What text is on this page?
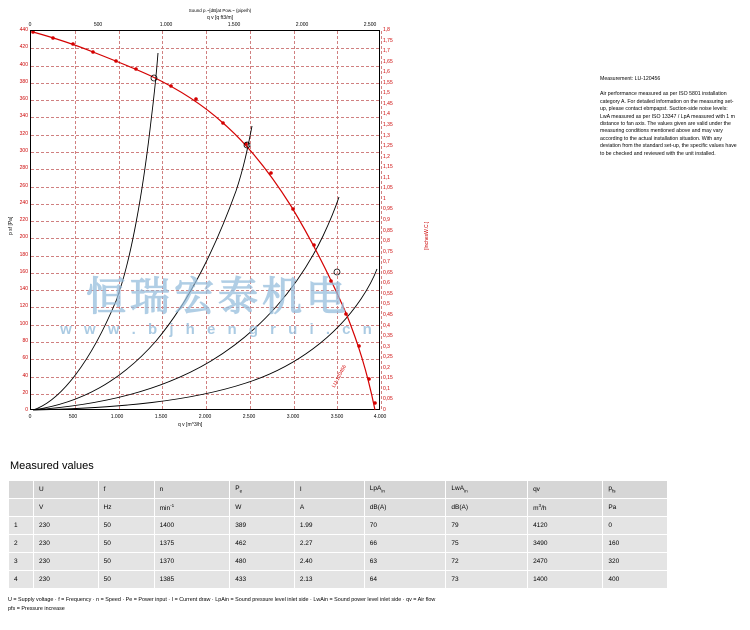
Sound p.~[dB]at Pow.~ (pipe/h)
q v [q ft3/m]
0	500	1.000	1.500	2.000	2.500
0	500	1.000	1.500	2.000	2.500	3.000	3.500	4.000
q v [m^3/h]
p sf [Pa]	[InchesW.C.]
LU-120456
0
20
40
60
80
100
120
140
160
180
200
220
240
260
280
300
320
340
360
380
400
420
440
0
0,05
0,1
0,15
0,2
0,25
0,3
0,35
0,4
0,45
0,5
0,55
0,6
0,65
0,7
0,75
0,8
0,85
0,9
0,95
1
1,05
1,1
1,15
1,2
1,25
1,3
1,35
1,4
1,45
1,5
1,55
1,6
1,65
1,7
1,75
1,8
恒瑞宏泰机电
w w w . b j h e n g r u i . c n
Measurement: LU-120456
Air performance measured as per ISO 5801 installation category A. For detailed information on the measuring set-up, please contact ebmpapst. Suction-side noise levels: LwA measured as per ISO 13347 / LpA measured with 1 m distance to fan axis. The values given are valid under the measuring conditions mentioned above and may vary according to the actual installation situation. With any deviation from the standard set-up, the specific values have to be checked and reviewed with the unit installed.
Measured values
	U	f	n	$P_e$	I	LpA$_{in}$	LwA$_{in}$	qv	$p_{fs}$
	V	Hz	$\min^{-1}$	W	A	dB(A)	dB(A)	$m^3/h$	Pa
1	230	50	1400	389	1.99	70	79	4120	0
2	230	50	1375	462	2.27	66	75	3490	160
3	230	50	1370	480	2.40	63	72	2470	320
4	230	50	1385	433	2.13	64	73	1400	400
U = Supply voltage · f = Frequency · n = Speed · Pe = Power input · I = Current draw · LpAin = Sound pressure level inlet side · LwAin = Sound power level inlet side · qv = Air flow
pfs = Pressure increase
